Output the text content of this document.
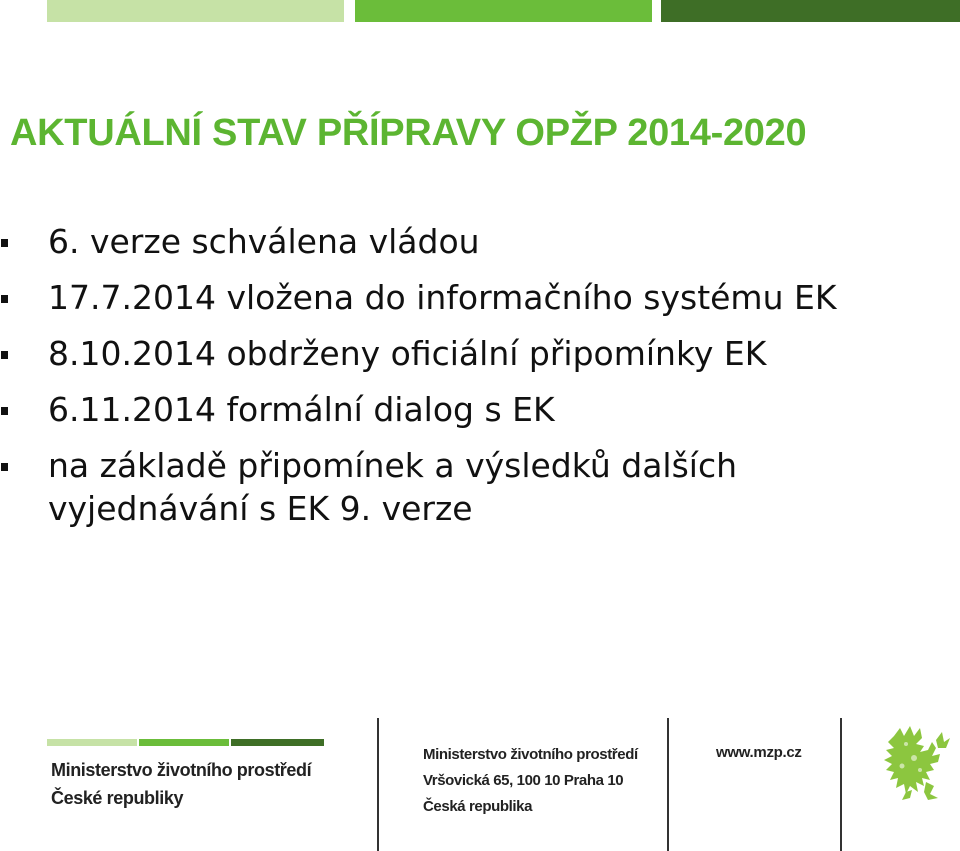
AKTUÁLNÍ STAV PŘÍPRAVY OPŽP 2014-2020
6. verze schválena vládou
17.7.2014 vložena do informačního systému EK
8.10.2014 obdrženy oficiální připomínky EK
6.11.2014 formální dialog s EK
na základě připomínek a výsledků dalších
vyjednávání s EK 9. verze
Ministerstvo životního prostředí
České republiky
Ministerstvo životního prostředí
Vršovická 65, 100 10 Praha 10
Česká republika
www.mzp.cz
